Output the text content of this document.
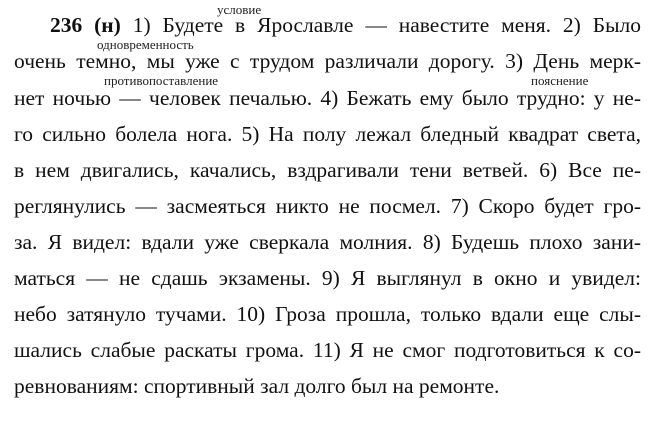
условие
одновременность
противопоставление	пояснение
236 (н) 1) Будете в Ярославле — навестите меня. 2) Было
очень темно, мы уже с трудом различали дорогу. 3) День мерк-
нет ночью — человек печалью. 4) Бежать ему было трудно: у не-
го сильно болела нога. 5) На полу лежал бледный квадрат света,
в нем двигались, качались, вздрагивали тени ветвей. 6) Все пе-
реглянулись — засмеяться никто не посмел. 7) Скоро будет гро-
за. Я видел: вдали уже сверкала молния. 8) Будешь плохо зани-
маться — не сдашь экзамены. 9) Я выглянул в окно и увидел:
небо затянуло тучами. 10) Гроза прошла, только вдали еще слы-
шались слабые раскаты грома. 11) Я не смог подготовиться к со-
ревнованиям: спортивный зал долго был на ремонте.
